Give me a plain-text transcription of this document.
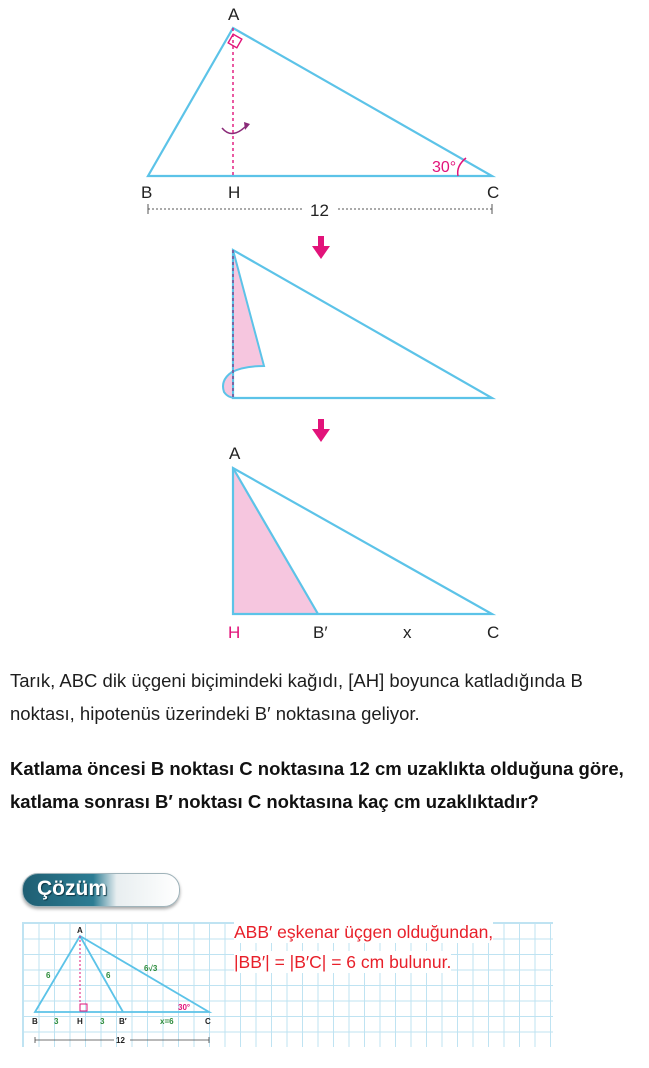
30°
A
B	H	C
12
A
H	B′	x	C
Tarık, ABC dik üçgeni biçimindeki kağıdı, [AH] boyunca katladığında B noktası, hipotenüs üzerindeki B′ noktasına geliyor.
Katlama öncesi B noktası C noktasına 12 cm uzaklıkta olduğuna göre, katlama sonrası B′ noktası C noktasına kaç cm uzaklıktadır?
Çözüm
A
6	6
6√3
30°
B 3 H 3 B′	x=6	C
12
ABB′ eşkenar üçgen olduğundan,
|BB′| = |B′C| = 6 cm bulunur.
